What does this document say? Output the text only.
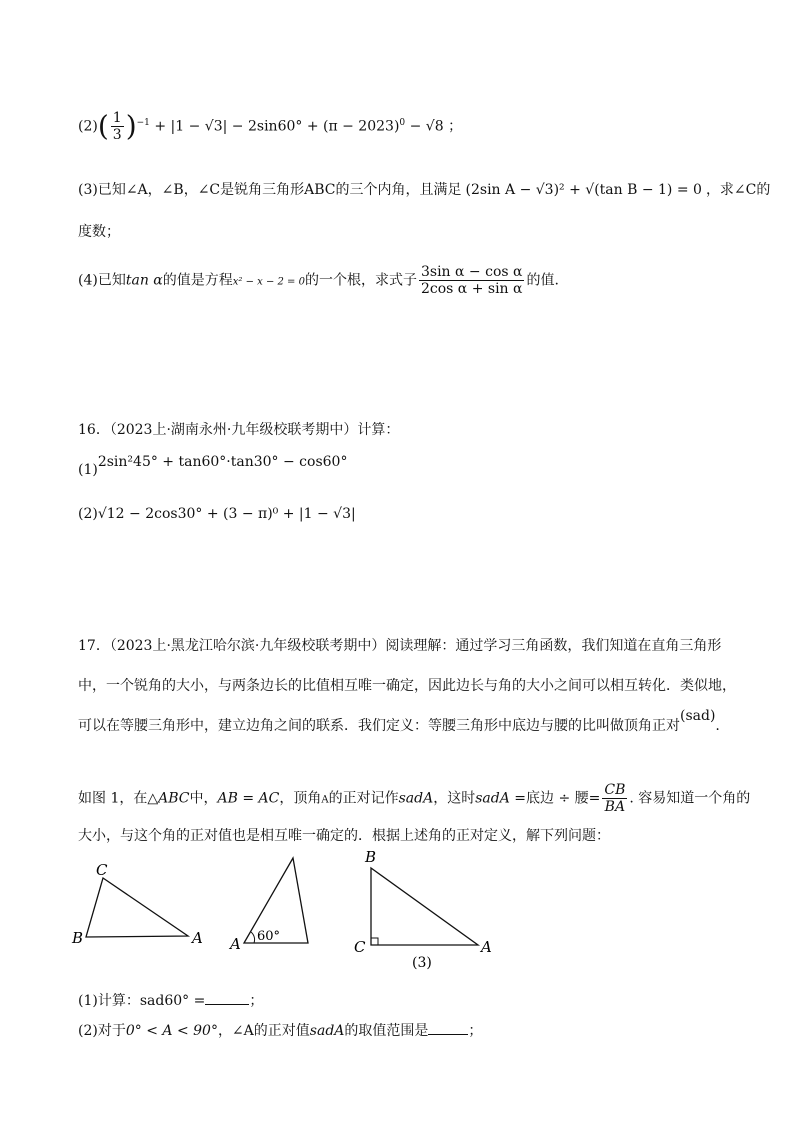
$(2)( \frac{1}{3} )^{-1} + |1 - √3| - 2\sin 60^\circ + (\pi - 2023)^0 - √8$ ；
(3)已知∠A，∠B，∠C是锐角三角形ABC的三个内角，且满足 (2sin A − √3)² + √(tan B − 1) = 0 ，求∠C的
度数；
(4)已知tan α的值是方程x² − x − 2 = 0的一个根，求式子 $\frac{\text{3sin α − cos α}}{\text{2cos α + sin α}}$ 的值.
16．（2023上·湖南永州·九年级校联考期中）计算：
(1)2sin²45° + tan60°·tan30° − cos60°
(2)√12 − 2cos30° + (3 − π)⁰ + |1 − √3|
17．（2023上·黑龙江哈尔滨·九年级校联考期中）阅读理解：通过学习三角函数，我们知道在直角三角形
中，一个锐角的大小，与两条边长的比值相互唯一确定，因此边长与角的大小之间可以相互转化．类似地，
可以在等腰三角形中，建立边角之间的联系．我们定义：等腰三角形中底边与腰的比叫做顶角正对(sad).
如图 1，在△ABC中，AB = AC，顶角A的正对记作sadA，这时sadA =底边 ÷ 腰= $\frac{CB}{BA}$ . 容易知道一个角的
大小，与这个角的正对值也是相互唯一确定的．根据上述角的正对定义，解下列问题：
C
B	A A 60°
B
C	A
(3)
(1)计算：sad60° =	；
(2)对于0° < A < 90°，∠A的正对值sadA的取值范围是	；
